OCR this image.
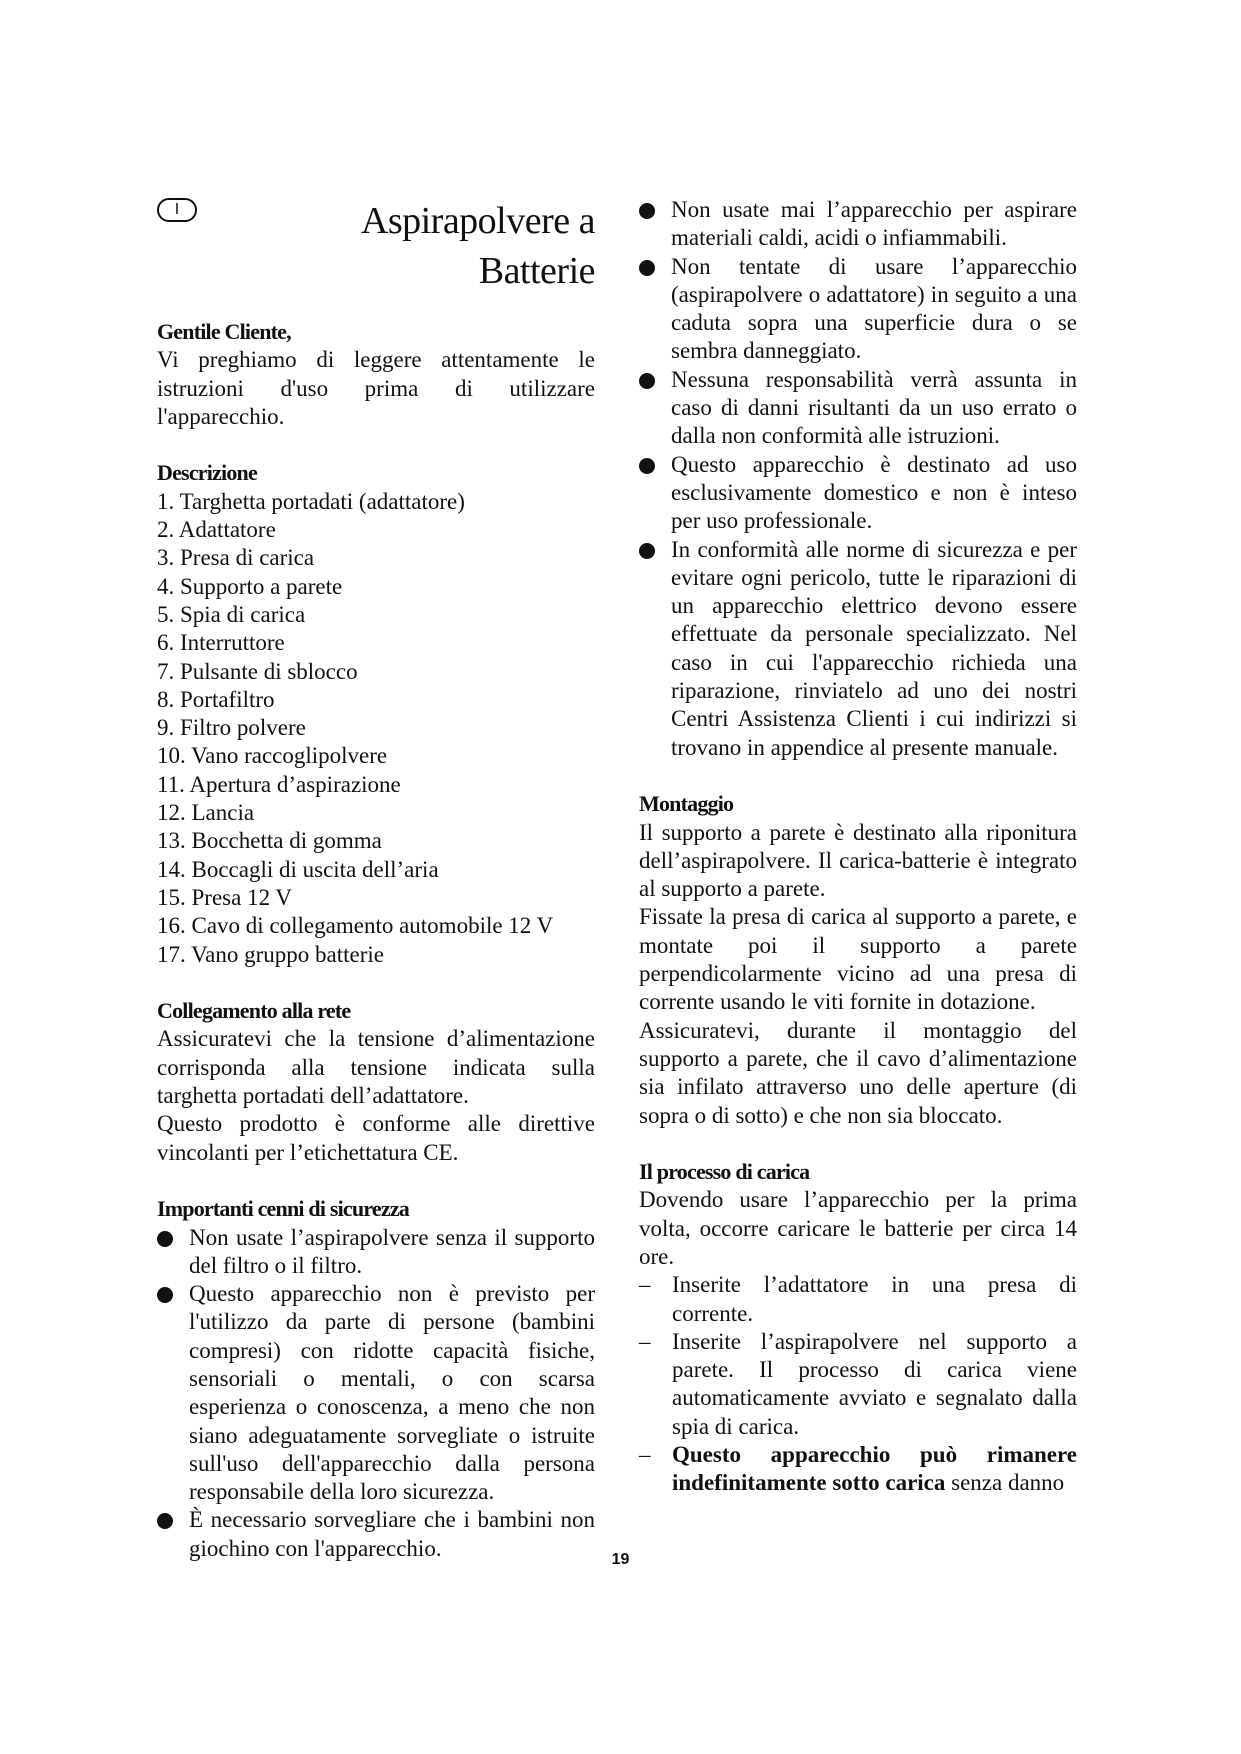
I	Aspirapolvere a

Batterie

Gentile Cliente,

Vi preghiamo di leggere attentamente le istruzioni d'uso prima di utilizzare l'apparecchio.

Descrizione
1. Targhetta portadati (adattatore)
2. Adattatore
3. Presa di carica
4. Supporto a parete
5. Spia di carica
6. Interruttore
7. Pulsante di sblocco
8. Portafiltro
9. Filtro polvere
10. Vano raccoglipolvere
11. Apertura d’aspirazione
12. Lancia
13. Bocchetta di gomma
14. Boccagli di uscita dell’aria
15. Presa 12 V
16. Cavo di collegamento automobile 12 V
17. Vano gruppo batterie
Collegamento alla rete

Assicuratevi che la tensione d’alimentazione corrisponda alla tensione indicata sulla targhetta portadati dell’adattatore.

Questo prodotto è conforme alle direttive vincolanti per l’etichettatura CE.

Importanti cenni di sicurezza
Non usate l’aspirapolvere senza il supporto del filtro o il filtro.
Questo apparecchio non è previsto per l'utilizzo da parte di persone (bambini compresi) con ridotte capacità fisiche, sensoriali o mentali, o con scarsa esperienza o conoscenza, a meno che non siano adeguatamente sorvegliate o istruite sull'uso dell'apparecchio dalla persona responsabile della loro sicurezza.
È necessario sorvegliare che i bambini non giochino con l'apparecchio.
Non usate mai l’apparecchio per aspirare materiali caldi, acidi o infiammabili.
Non tentate di usare l’apparecchio (aspirapolvere o adattatore) in seguito a una caduta sopra una superficie dura o se sembra danneggiato.
Nessuna responsabilità verrà assunta in caso di danni risultanti da un uso errato o dalla non conformità alle istruzioni.
Questo apparecchio è destinato ad uso esclusivamente domestico e non è inteso per uso professionale.
In conformità alle norme di sicurezza e per evitare ogni pericolo, tutte le riparazioni di un apparecchio elettrico devono essere effettuate da personale specializzato. Nel caso in cui l'apparecchio richieda una riparazione, rinviatelo ad uno dei nostri Centri Assistenza Clienti i cui indirizzi si trovano in appendice al presente manuale.
Montaggio

Il supporto a parete è destinato alla riponitura dell’aspirapolvere. Il carica-batterie è integrato al supporto a parete.

Fissate la presa di carica al supporto a parete, e montate poi il supporto a parete perpendicolarmente vicino ad una presa di corrente usando le viti fornite in dotazione.

Assicuratevi, durante il montaggio del supporto a parete, che il cavo d’alimentazione sia infilato attraverso uno delle aperture (di sopra o di sotto) e che non sia bloccato.

Il processo di carica

Dovendo usare l’apparecchio per la prima volta, occorre caricare le batterie per circa 14 ore.

– Inserite l’adattatore in una presa di corrente.
– Inserite l’aspirapolvere nel supporto a parete. Il processo di carica viene automaticamente avviato e segnalato dalla spia di carica.
– Questo apparecchio può rimanere indefinitamente sotto carica senza danno
19
